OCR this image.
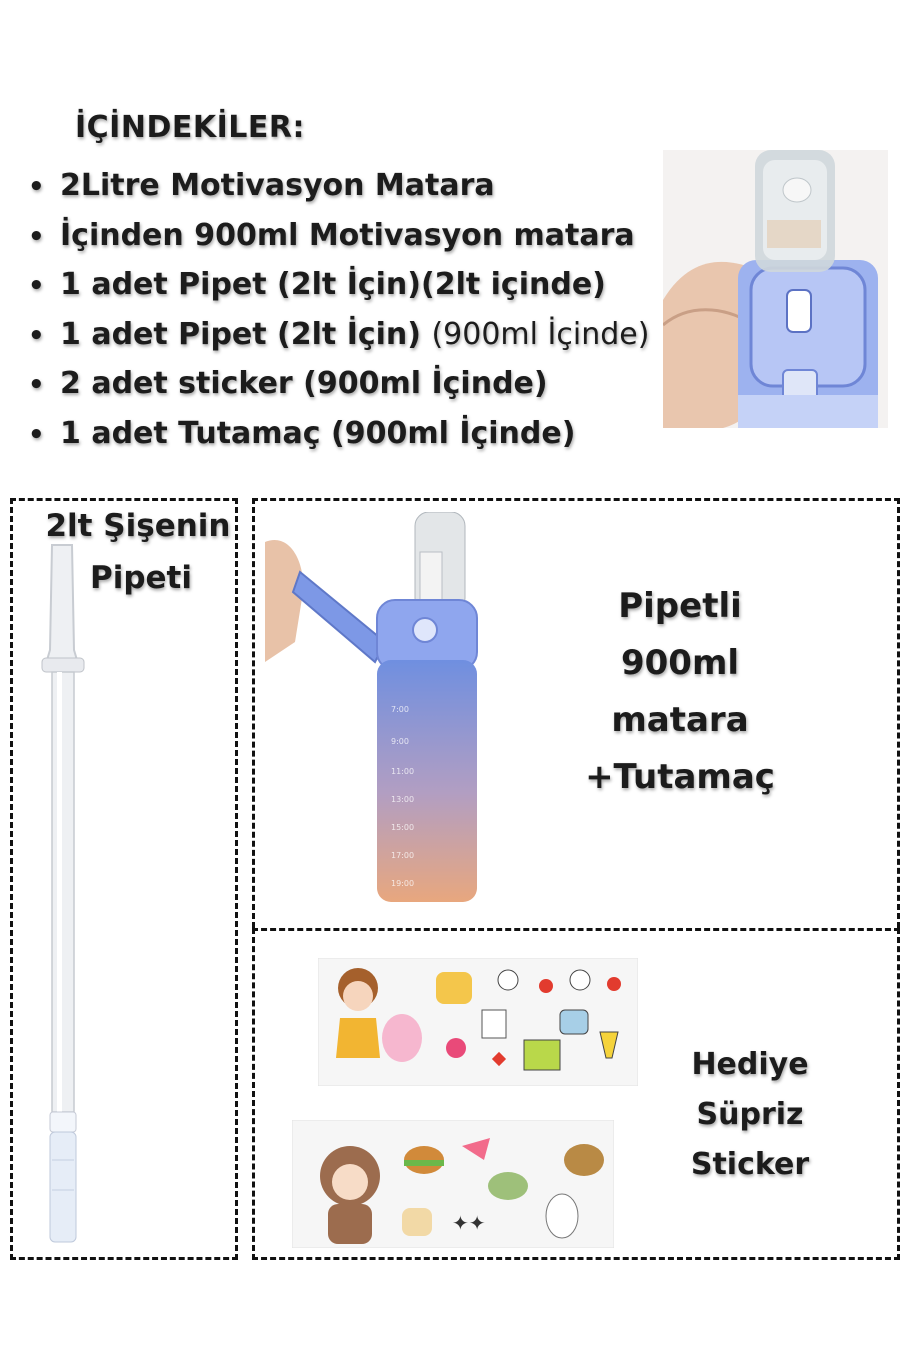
İÇİNDEKİLER:
• 2Litre Motivasyon Matara
• İçinden 900ml Motivasyon matara
• 1 adet Pipet (2lt İçin)(2lt içinde)
• 1 adet Pipet (2lt İçin) (900ml İçinde)
• 2 adet sticker (900ml İçinde)
• 1 adet Tutamaç (900ml İçinde)
2lt Şişenin
Pipeti
7:00
9:00
11:00
13:00
15:00
17:00
19:00
Pipetli
900ml
matara
+Tutamaç
✦✦
Hediye
Süpriz
Sticker
